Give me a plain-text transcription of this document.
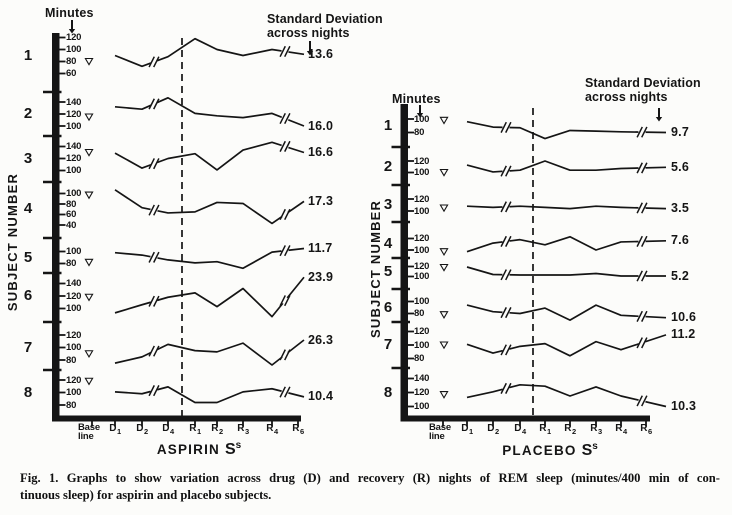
Base
line
$D_1$	$D_2$	$D_4$	$R_1$	$R_2$	$R_3$	$R_4$	$R_6$
120
100
80
60
1	13.6
140
120
100
2
16.0
140
120
100
3	16.6
100
80
60
40
4	17.3
100
80
5
11.7
140
120
100
6
23.9
120
100
80
7	26.3
120
100
80
8	10.4
Base
line
$D_1$	$D_2$	$D_4$	$R_1$	$R_2$	$R_3$	$R_4$	$R_6$
100
80
1	9.7
120
100
2	5.6
120
100
3	3.5
120
100
4	7.6
120
100
5	5.2
100
80
6
10.6
120
100
80
7
11.2
140
120
100
8
10.3
Minutes
Minutes
Standard Deviation
across nights
Standard Deviation
across nights
SUBJECT NUMBER	SUBJECT NUMBER
ASPIRIN $S^s$	PLACEBO $S^s$
Fig. 1. Graphs to show variation across drug (D) and recovery (R) nights of REM sleep (minutes/400 min of con-
tinuous sleep) for aspirin and placebo subjects.
